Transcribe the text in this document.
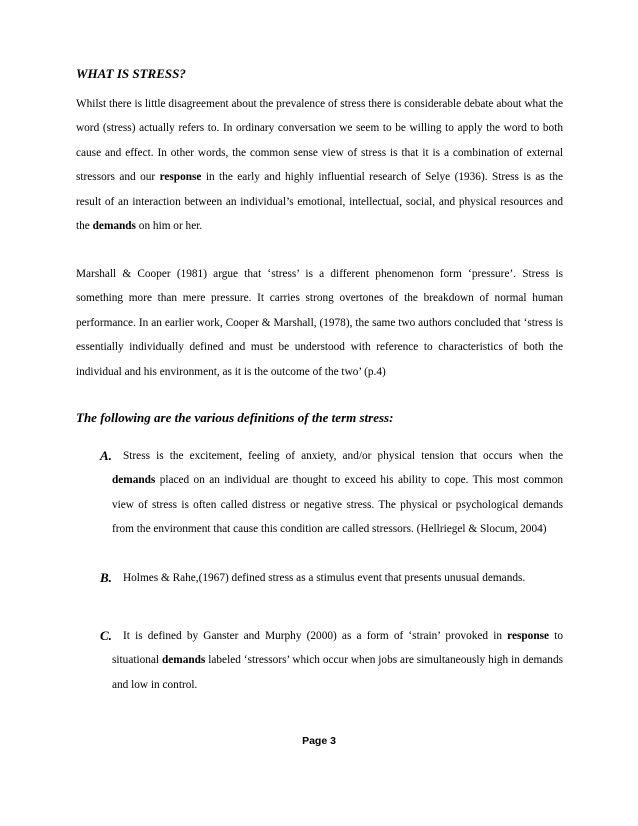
WHAT IS STRESS?
Whilst there is little disagreement about the prevalence of stress there is considerable debate about what the word (stress) actually refers to. In ordinary conversation we seem to be willing to apply the word to both cause and effect. In other words, the common sense view of stress is that it is a combination of external stressors and our response in the early and highly influential research of Selye (1936). Stress is as the result of an interaction between an individual’s emotional, intellectual, social, and physical resources and the demands on him or her.
Marshall & Cooper (1981) argue that ‘stress’ is a different phenomenon form ‘pressure’. Stress is something more than mere pressure. It carries strong overtones of the breakdown of normal human performance. In an earlier work, Cooper & Marshall, (1978), the same two authors concluded that ‘stress is essentially individually defined and must be understood with reference to characteristics of both the individual and his environment, as it is the outcome of the two’ (p.4)
The following are the various definitions of the term stress:
A. Stress is the excitement, feeling of anxiety, and/or physical tension that occurs when the demands placed on an individual are thought to exceed his ability to cope. This most common view of stress is often called distress or negative stress. The physical or psychological demands from the environment that cause this condition are called stressors. (Hellriegel & Slocum, 2004)
B. Holmes & Rahe,(1967) defined stress as a stimulus event that presents unusual demands.
C. It is defined by Ganster and Murphy (2000) as a form of ‘strain’ provoked in response to situational demands labeled ‘stressors’ which occur when jobs are simultaneously high in demands and low in control.
Page 3
